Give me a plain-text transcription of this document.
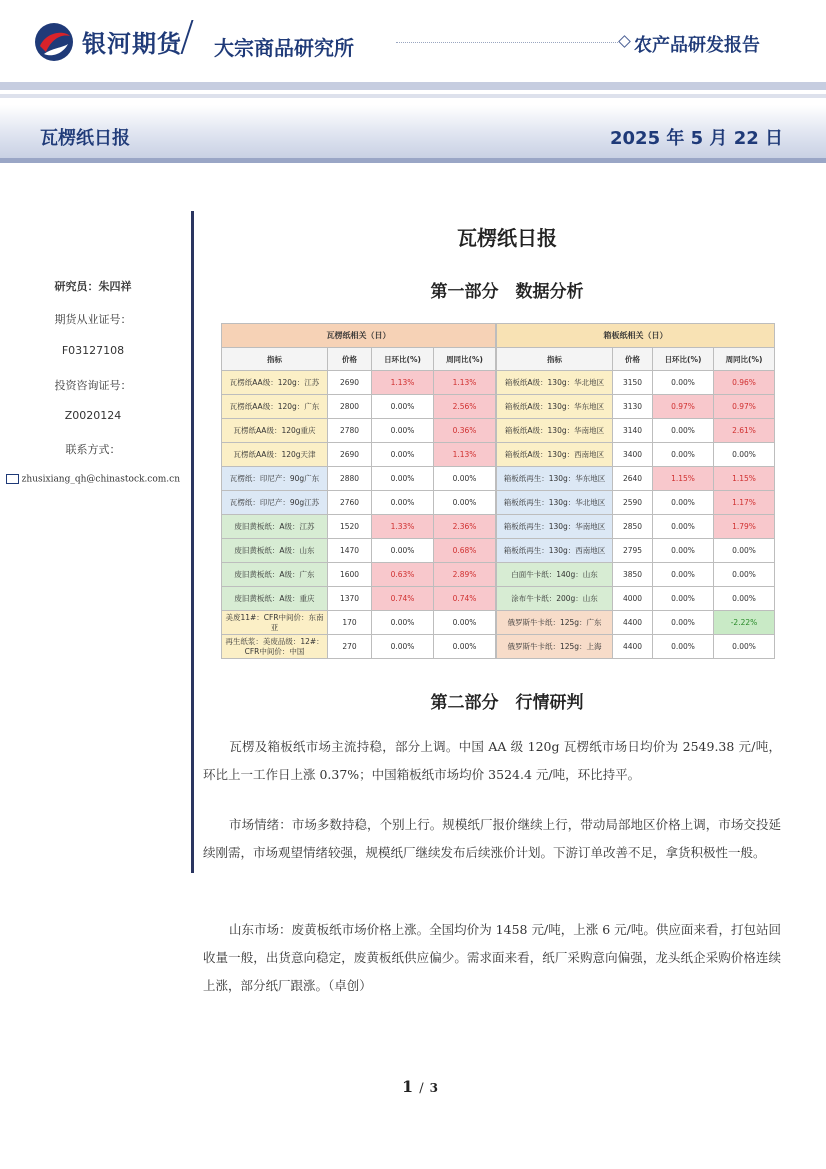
银河期货 大宗商品研究所	农产品研发报告
瓦楞纸日报	2025 年 5 月 22 日
研究员：朱四祥
期货从业证号：
F03127108
投资咨询证号：
Z0020124
联系方式：
zhusixiang_qh@chinastock.com.cn
瓦楞纸日报
第一部分　数据分析
瓦楞纸相关（日）			
指标	价格	日环比(%)	周同比(%)
瓦楞纸AA级：120g：江苏	2690	1.13%	1.13%
瓦楞纸AA级：120g：广东	2800	0.00%	2.56%
瓦楞纸AA级：120g重庆	2780	0.00%	0.36%
瓦楞纸AA级：120g天津	2690	0.00%	1.13%
瓦楞纸：印尼产：90g广东	2880	0.00%	0.00%
瓦楞纸：印尼产：90g江苏	2760	0.00%	0.00%
废旧黄板纸：A级：江苏	1520	1.33%	2.36%
废旧黄板纸：A级：山东	1470	0.00%	0.68%
废旧黄板纸：A级：广东	1600	0.63%	2.89%
废旧黄板纸：A级：重庆	1370	0.74%	0.74%

美废11#：CFR中间价：东南
亚	170	0.00%	0.00%

再生纸浆：美废品级：12#：
CFR中间价：中国	270	0.00%	0.00%
箱板纸相关（日）			
指标	价格	日环比(%)	周同比(%)
箱板纸A级：130g：华北地区	3150	0.00%	0.96%
箱板纸A级：130g：华东地区	3130	0.97%	0.97%
箱板纸A级：130g：华南地区	3140	0.00%	2.61%
箱板纸A级：130g：西南地区	3400	0.00%	0.00%
箱板纸再生：130g：华东地区	2640	1.15%	1.15%
箱板纸再生：130g：华北地区	2590	0.00%	1.17%
箱板纸再生：130g：华南地区	2850	0.00%	1.79%
箱板纸再生：130g：西南地区	2795	0.00%	0.00%
白面牛卡纸：140g：山东	3850	0.00%	0.00%
涂布牛卡纸：200g：山东	4000	0.00%	0.00%
俄罗斯牛卡纸：125g：广东	4400	0.00%	-2.22%
俄罗斯牛卡纸：125g：上海	4400	0.00%	0.00%
第二部分　行情研判
瓦楞及箱板纸市场主流持稳，部分上调。中国 AA 级 120g 瓦楞纸市场日均价为 2549.38 元/吨，环比上一工作日上涨 0.37%；中国箱板纸市场均价 3524.4 元/吨，环比持平。
市场情绪：市场多数持稳，个别上行。规模纸厂报价继续上行，带动局部地区价格上调，市场交投延续刚需，市场观望情绪较强，规模纸厂继续发布后续涨价计划。下游订单改善不足，拿货积极性一般。
山东市场：废黄板纸市场价格上涨。全国均价为 1458 元/吨，上涨 6 元/吨。供应面来看，打包站回收量一般，出货意向稳定，废黄板纸供应偏少。需求面来看，纸厂采购意向偏强，龙头纸企采购价格连续上涨，部分纸厂跟涨。（卓创）
1 / 3
